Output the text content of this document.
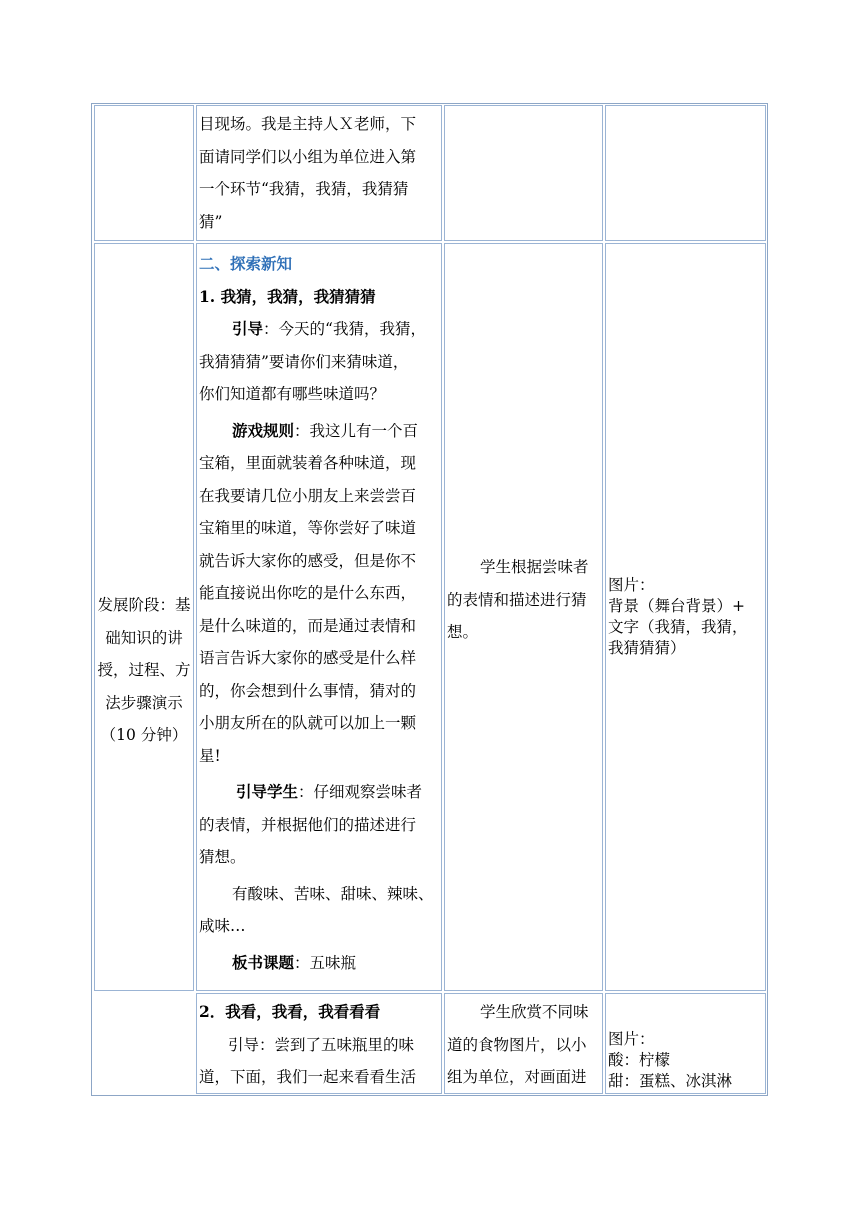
目现场。我是主持人Ｘ老师，下

面请同学们以小组为单位进入第

一个环节“我猜，我猜，我猜猜

猜”

发展阶段：基

础知识的讲

授，过程、方

法步骤演示

（10 分钟）

二、探索新知

1. 我猜，我猜，我猜猜猜

引导：今天的“我猜，我猜，

我猜猜猜”要请你们来猜味道，

你们知道都有哪些味道吗？

游戏规则：我这儿有一个百

宝箱，里面就装着各种味道，现

在我要请几位小朋友上来尝尝百

宝箱里的味道，等你尝好了味道

就告诉大家你的感受，但是你不

能直接说出你吃的是什么东西，

是什么味道的，而是通过表情和

语言告诉大家你的感受是什么样

的，你会想到什么事情，猜对的

小朋友所在的队就可以加上一颗

星!

引导学生：仔细观察尝味者

的表情，并根据他们的描述进行

猜想。

有酸味、苦味、甜味、辣味、

咸味…

板书课题：五味瓶

学生根据尝味者

的表情和描述进行猜

想。

图片：

背景（舞台背景）+

文字（我猜，我猜，

我猜猜猜）

2．我看，我看，我看看看

引导：尝到了五味瓶里的味

道，下面，我们一起来看看生活

学生欣赏不同味

道的食物图片，以小

组为单位，对画面进

图片：

酸：柠檬

甜：蛋糕、冰淇淋
